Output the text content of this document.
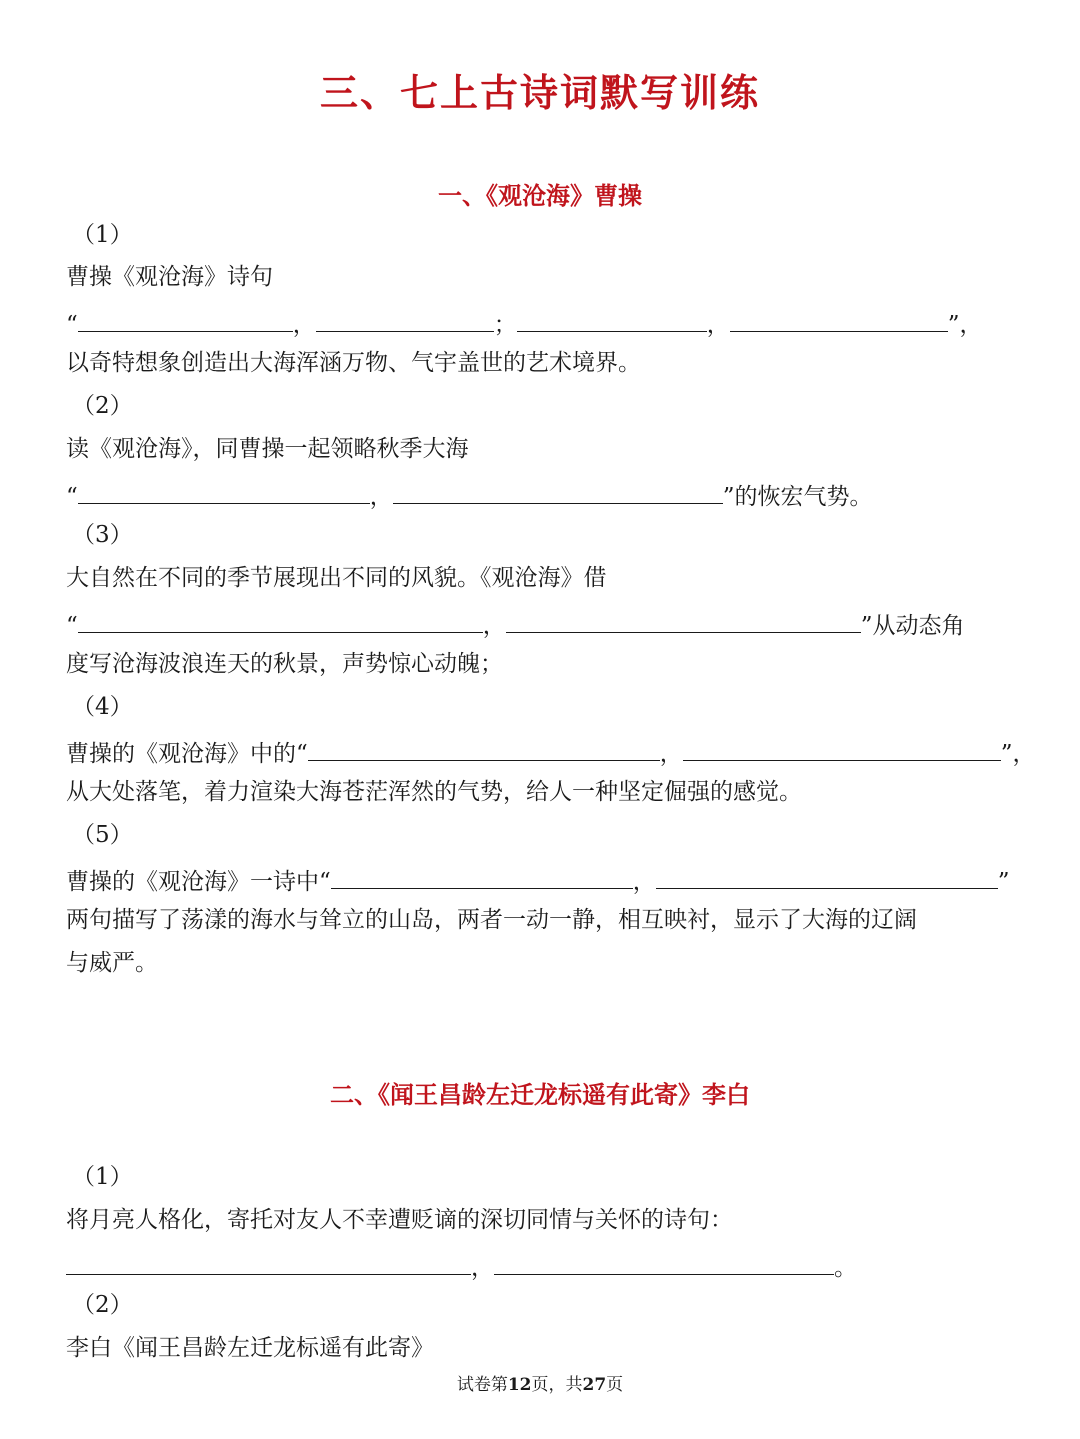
三、七上古诗词默写训练
一、《观沧海》曹操
（1）
曹操《观沧海》诗句
“	，	；	，	”，
以奇特想象创造出大海浑涵万物、气宇盖世的艺术境界。
（2）
读《观沧海》，同曹操一起领略秋季大海
“	，	”的恢宏气势。
（3）
大自然在不同的季节展现出不同的风貌。《观沧海》借
“	，	”从动态角
度写沧海波浪连天的秋景，声势惊心动魄；
（4）
曹操的《观沧海》中的“	，	”，
从大处落笔，着力渲染大海苍茫浑然的气势，给人一种坚定倔强的感觉。
（5）
曹操的《观沧海》一诗中“	，	”
两句描写了荡漾的海水与耸立的山岛，两者一动一静，相互映衬，显示了大海的辽阔
与威严。
二、《闻王昌龄左迁龙标遥有此寄》李白
（1）
将月亮人格化，寄托对友人不幸遭贬谪的深切同情与关怀的诗句：
，	。
（2）
李白《闻王昌龄左迁龙标遥有此寄》
试卷第12页，共27页
